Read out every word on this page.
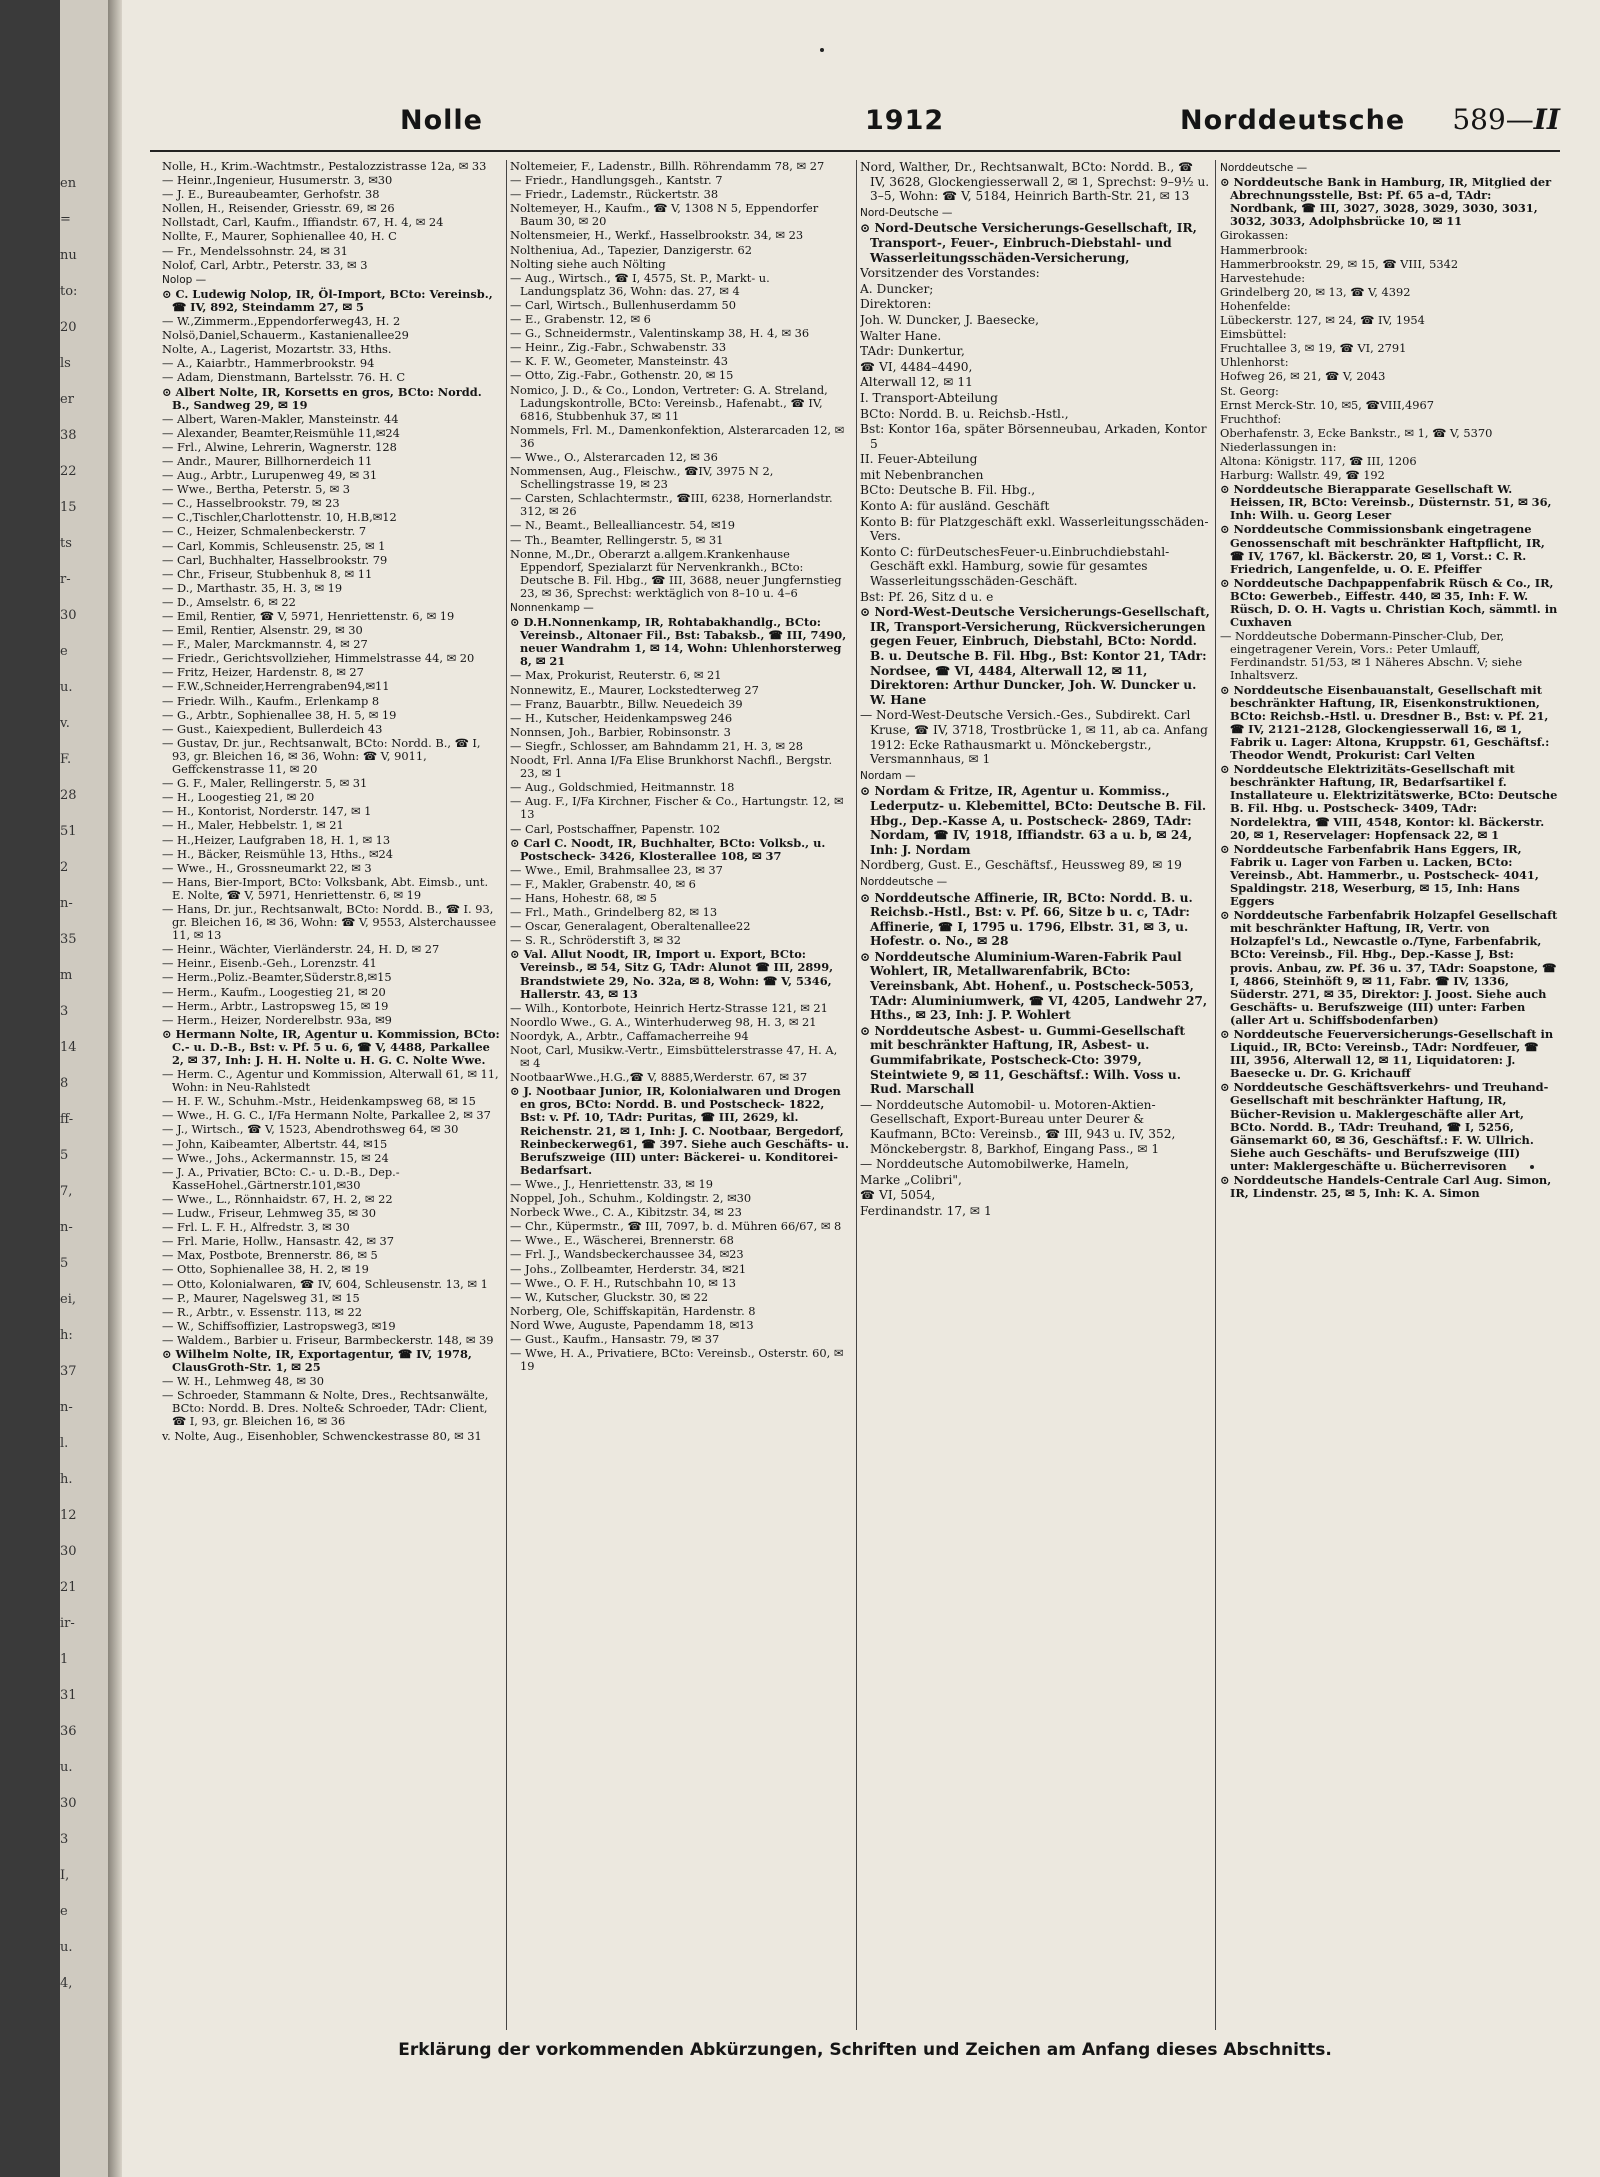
en
=
nu
to:
20
ls
er
38
22
15
ts
r-
30
e
u.
v.
F.
28
51
2
n-
35
m
3
14
8
ff-
5
7,
n-
5
ei,
h:
37
n-
l.
h.
12
30
21
ir-
1
31
36
u.
30
3
I,
e
u.
4,
Nolle	1912	Norddeutsche 589—II
Nolle, H., Krim.-Wachtmstr., Pestalozzistrasse 12a, ✉ 33
— Heinr.,Ingenieur, Husumerstr. 3, ✉30
— J. E., Bureaubeamter, Gerhofstr. 38
Nollen, H., Reisender, Griesstr. 69, ✉ 26
Nollstadt, Carl, Kaufm., Iffiandstr. 67, H. 4, ✉ 24
Nollte, F., Maurer, Sophienallee 40, H. C
— Fr., Mendelssohnstr. 24, ✉ 31
Nolof, Carl, Arbtr., Peterstr. 33, ✉ 3
Nolop —
⊙ C. Ludewig Nolop, IR, Öl-Import, BCto: Vereinsb., ☎ IV, 892, Steindamm 27, ✉ 5
— W.,Zimmerm.,Eppendorferweg43, H. 2
Nolsö,Daniel,Schauerm., Kastanienallee29
Nolte, A., Lagerist, Mozartstr. 33, Hths.
— A., Kaiarbtr., Hammerbrookstr. 94
— Adam, Dienstmann, Bartelsstr. 76. H. C
⊙ Albert Nolte, IR, Korsetts en gros, BCto: Nordd. B., Sandweg 29, ✉ 19
— Albert, Waren-Makler, Mansteinstr. 44
— Alexander, Beamter,Reismühle 11,✉24
— Frl., Alwine, Lehrerin, Wagnerstr. 128
— Andr., Maurer, Billhornerdeich 11
— Aug., Arbtr., Lurupenweg 49, ✉ 31
— Wwe., Bertha, Peterstr. 5, ✉ 3
— C., Hasselbrookstr. 79, ✉ 23
— C.,Tischler,Charlottenstr. 10, H.B,✉12
— C., Heizer, Schmalenbeckerstr. 7
— Carl, Kommis, Schleusenstr. 25, ✉ 1
— Carl, Buchhalter, Hasselbrookstr. 79
— Chr., Friseur, Stubbenhuk 8, ✉ 11
— D., Marthastr. 35, H. 3, ✉ 19
— D., Amselstr. 6, ✉ 22
— Emil, Rentier, ☎ V, 5971, Henriettenstr. 6, ✉ 19
— Emil, Rentier, Alsenstr. 29, ✉ 30
— F., Maler, Marckmannstr. 4, ✉ 27
— Friedr., Gerichtsvollzieher, Himmelstrasse 44, ✉ 20
— Fritz, Heizer, Hardenstr. 8, ✉ 27
— F.W.,Schneider,Herrengraben94,✉11
— Friedr. Wilh., Kaufm., Erlenkamp 8
— G., Arbtr., Sophienallee 38, H. 5, ✉ 19
— Gust., Kaiexpedient, Bullerdeich 43
— Gustav, Dr. jur., Rechtsanwalt, BCto: Nordd. B., ☎ I, 93, gr. Bleichen 16, ✉ 36, Wohn: ☎ V, 9011, Geffckenstrasse 11, ✉ 20
— G. F., Maler, Rellingerstr. 5, ✉ 31
— H., Loogestieg 21, ✉ 20
— H., Kontorist, Norderstr. 147, ✉ 1
— H., Maler, Hebbelstr. 1, ✉ 21
— H.,Heizer, Laufgraben 18, H. 1, ✉ 13
— H., Bäcker, Reismühle 13, Hths., ✉24
— Wwe., H., Grossneumarkt 22, ✉ 3
— Hans, Bier-Import, BCto: Volksbank, Abt. Eimsb., unt. E. Nolte, ☎ V, 5971, Henriettenstr. 6, ✉ 19
— Hans, Dr. jur., Rechtsanwalt, BCto: Nordd. B., ☎ I. 93, gr. Bleichen 16, ✉ 36, Wohn: ☎ V, 9553, Alsterchaussee 11, ✉ 13
— Heinr., Wächter, Vierländerstr. 24, H. D, ✉ 27
— Heinr., Eisenb.-Geh., Lorenzstr. 41
— Herm.,Poliz.-Beamter,Süderstr.8,✉15
— Herm., Kaufm., Loogestieg 21, ✉ 20
— Herm., Arbtr., Lastropsweg 15, ✉ 19
— Herm., Heizer, Norderelbstr. 93a, ✉9
⊙ Hermann Nolte, IR, Agentur u. Kommission, BCto: C.- u. D.-B., Bst: v. Pf. 5 u. 6, ☎ V, 4488, Parkallee 2, ✉ 37, Inh: J. H. H. Nolte u. H. G. C. Nolte Wwe.
— Herm. C., Agentur und Kommission, Alterwall 61, ✉ 11, Wohn: in Neu-Rahlstedt
— H. F. W., Schuhm.-Mstr., Heidenkampsweg 68, ✉ 15
— Wwe., H. G. C., I/Fa Hermann Nolte, Parkallee 2, ✉ 37
— J., Wirtsch., ☎ V, 1523, Abendrothsweg 64, ✉ 30
— John, Kaibeamter, Albertstr. 44, ✉15
— Wwe., Johs., Ackermannstr. 15, ✉ 24
— J. A., Privatier, BCto: C.- u. D.-B., Dep.-KasseHohel.,Gärtnerstr.101,✉30
— Wwe., L., Rönnhaidstr. 67, H. 2, ✉ 22
— Ludw., Friseur, Lehmweg 35, ✉ 30
— Frl. L. F. H., Alfredstr. 3, ✉ 30
— Frl. Marie, Hollw., Hansastr. 42, ✉ 37
— Max, Postbote, Brennerstr. 86, ✉ 5
— Otto, Sophienallee 38, H. 2, ✉ 19
— Otto, Kolonialwaren, ☎ IV, 604, Schleusenstr. 13, ✉ 1
— P., Maurer, Nagelsweg 31, ✉ 15
— R., Arbtr., v. Essenstr. 113, ✉ 22
— W., Schiffsoffizier, Lastropsweg3, ✉19
— Waldem., Barbier u. Friseur, Barmbeckerstr. 148, ✉ 39
⊙ Wilhelm Nolte, IR, Exportagentur, ☎ IV, 1978, ClausGroth-Str. 1, ✉ 25
— W. H., Lehmweg 48, ✉ 30
— Schroeder, Stammann & Nolte, Dres., Rechtsanwälte, BCto: Nordd. B. Dres. Nolte& Schroeder, TAdr: Client, ☎ I, 93, gr. Bleichen 16, ✉ 36
v. Nolte, Aug., Eisenhobler, Schwenckestrasse 80, ✉ 31
Noltemeier, F., Ladenstr., Billh. Röhrendamm 78, ✉ 27
— Friedr., Handlungsgeh., Kantstr. 7
— Friedr., Lademstr., Rückertstr. 38
Noltemeyer, H., Kaufm., ☎ V, 1308 N 5, Eppendorfer Baum 30, ✉ 20
Noltensmeier, H., Werkf., Hasselbrookstr. 34, ✉ 23
Noltheniua, Ad., Tapezier, Danzigerstr. 62
Nolting siehe auch Nölting
— Aug., Wirtsch., ☎ I, 4575, St. P., Markt- u. Landungsplatz 36, Wohn: das. 27, ✉ 4
— Carl, Wirtsch., Bullenhuserdamm 50
— E., Grabenstr. 12, ✉ 6
— G., Schneidermstr., Valentinskamp 38, H. 4, ✉ 36
— Heinr., Zig.-Fabr., Schwabenstr. 33
— K. F. W., Geometer, Mansteinstr. 43
— Otto, Zig.-Fabr., Gothenstr. 20, ✉ 15
Nomico, J. D., & Co., London, Vertreter: G. A. Streland, Ladungskontrolle, BCto: Vereinsb., Hafenabt., ☎ IV, 6816, Stubbenhuk 37, ✉ 11
Nommels, Frl. M., Damenkonfektion, Alsterarcaden 12, ✉ 36
— Wwe., O., Alsterarcaden 12, ✉ 36
Nommensen, Aug., Fleischw., ☎IV, 3975 N 2, Schellingstrasse 19, ✉ 23
— Carsten, Schlachtermstr., ☎III, 6238, Hornerlandstr. 312, ✉ 26
— N., Beamt., Bellealliancestr. 54, ✉19
— Th., Beamter, Rellingerstr. 5, ✉ 31
Nonne, M.,Dr., Oberarzt a.allgem.Krankenhause Eppendorf, Spezialarzt für Nervenkrankh., BCto: Deutsche B. Fil. Hbg., ☎ III, 3688, neuer Jungfernstieg 23, ✉ 36, Sprechst: werktäglich von 8–10 u. 4–6
Nonnenkamp —
⊙ D.H.Nonnenkamp, IR, Rohtabakhandlg., BCto: Vereinsb., Altonaer Fil., Bst: Tabaksb., ☎ III, 7490, neuer Wandrahm 1, ✉ 14, Wohn: Uhlenhorsterweg 8, ✉ 21
— Max, Prokurist, Reuterstr. 6, ✉ 21
Nonnewitz, E., Maurer, Lockstedterweg 27
— Franz, Bauarbtr., Billw. Neuedeich 39
— H., Kutscher, Heidenkampsweg 246
Nonnsen, Joh., Barbier, Robinsonstr. 3
— Siegfr., Schlosser, am Bahndamm 21, H. 3, ✉ 28
Noodt, Frl. Anna I/Fa Elise Brunkhorst Nachfl., Bergstr. 23, ✉ 1
— Aug., Goldschmied, Heitmannstr. 18
— Aug. F., I/Fa Kirchner, Fischer & Co., Hartungstr. 12, ✉ 13
— Carl, Postschaffner, Papenstr. 102
⊙ Carl C. Noodt, IR, Buchhalter, BCto: Volksb., u. Postscheck- 3426, Klosterallee 108, ✉ 37
— Wwe., Emil, Brahmsallee 23, ✉ 37
— F., Makler, Grabenstr. 40, ✉ 6
— Hans, Hohestr. 68, ✉ 5
— Frl., Math., Grindelberg 82, ✉ 13
— Oscar, Generalagent, Oberaltenallee22
— S. R., Schröderstift 3, ✉ 32
⊙ Val. Allut Noodt, IR, Import u. Export, BCto: Vereinsb., ✉ 54, Sitz G, TAdr: Alunot ☎ III, 2899, Brandstwiete 29, No. 32a, ✉ 8, Wohn: ☎ V, 5346, Hallerstr. 43, ✉ 13
— Wilh., Kontorbote, Heinrich Hertz-Strasse 121, ✉ 21
Noordlo Wwe., G. A., Winterhuderweg 98, H. 3, ✉ 21
Noordyk, A., Arbtr., Caffamacherreihe 94
Noot, Carl, Musikw.-Vertr., Eimsbüttelerstrasse 47, H. A, ✉ 4
NootbaarWwe.,H.G.,☎ V, 8885,Werderstr. 67, ✉ 37
⊙ J. Nootbaar Junior, IR, Kolonialwaren und Drogen en gros, BCto: Nordd. B. und Postscheck- 1822, Bst: v. Pf. 10, TAdr: Puritas, ☎ III, 2629, kl. Reichenstr. 21, ✉ 1, Inh: J. C. Nootbaar, Bergedorf, Reinbeckerweg61, ☎ 397. Siehe auch Geschäfts- u. Berufszweige (III) unter: Bäckerei- u. Konditorei-Bedarfsart.
— Wwe., J., Henriettenstr. 33, ✉ 19
Noppel, Joh., Schuhm., Koldingstr. 2, ✉30
Norbeck Wwe., C. A., Kibitzstr. 34, ✉ 23
— Chr., Küpermstr., ☎ III, 7097, b. d. Mühren 66/67, ✉ 8
— Wwe., E., Wäscherei, Brennerstr. 68
— Frl. J., Wandsbeckerchaussee 34, ✉23
— Johs., Zollbeamter, Herderstr. 34, ✉21
— Wwe., O. F. H., Rutschbahn 10, ✉ 13
— W., Kutscher, Gluckstr. 30, ✉ 22
Norberg, Ole, Schiffskapitän, Hardenstr. 8
Nord Wwe, Auguste, Papendamm 18, ✉13
— Gust., Kaufm., Hansastr. 79, ✉ 37
— Wwe, H. A., Privatiere, BCto: Vereinsb., Osterstr. 60, ✉ 19
Nord, Walther, Dr., Rechtsanwalt, BCto: Nordd. B., ☎ IV, 3628, Glockengiesserwall 2, ✉ 1, Sprechst: 9–9½ u. 3–5, Wohn: ☎ V, 5184, Heinrich Barth-Str. 21, ✉ 13
Nord-Deutsche —
⊙ Nord-Deutsche Versicherungs-Gesellschaft, IR, Transport-, Feuer-, Einbruch-Diebstahl- und Wasserleitungsschäden-Versicherung,
Vorsitzender des Vorstandes:
A. Duncker;
Direktoren:
Joh. W. Duncker, J. Baesecke,
Walter Hane.
TAdr: Dunkertur,
☎ VI, 4484–4490,
Alterwall 12, ✉ 11
I. Transport-Abteilung
BCto: Nordd. B. u. Reichsb.-Hstl.,
Bst: Kontor 16a, später Börsenneubau, Arkaden, Kontor 5
II. Feuer-Abteilung
mit Nebenbranchen
BCto: Deutsche B. Fil. Hbg.,
Konto A: für ausländ. Geschäft
Konto B: für Platzgeschäft exkl. Wasserleitungsschäden-Vers.
Konto C: fürDeutschesFeuer-u.Einbruchdiebstahl-Geschäft exkl. Hamburg, sowie für gesamtes Wasserleitungsschäden-Geschäft.
Bst: Pf. 26, Sitz d u. e
⊙ Nord-West-Deutsche Versicherungs-Gesellschaft, IR, Transport-Versicherung, Rückversicherungen gegen Feuer, Einbruch, Diebstahl, BCto: Nordd. B. u. Deutsche B. Fil. Hbg., Bst: Kontor 21, TAdr: Nordsee, ☎ VI, 4484, Alterwall 12, ✉ 11, Direktoren: Arthur Duncker, Joh. W. Duncker u. W. Hane
— Nord-West-Deutsche Versich.-Ges., Subdirekt. Carl Kruse, ☎ IV, 3718, Trostbrücke 1, ✉ 11, ab ca. Anfang 1912: Ecke Rathausmarkt u. Mönckebergstr., Versmannhaus, ✉ 1
Nordam —
⊙ Nordam & Fritze, IR, Agentur u. Kommiss., Lederputz- u. Klebemittel, BCto: Deutsche B. Fil. Hbg., Dep.-Kasse A, u. Postscheck- 2869, TAdr: Nordam, ☎ IV, 1918, Iffiandstr. 63 a u. b, ✉ 24, Inh: J. Nordam
Nordberg, Gust. E., Geschäftsf., Heussweg 89, ✉ 19
Norddeutsche —
⊙ Norddeutsche Affinerie, IR, BCto: Nordd. B. u. Reichsb.-Hstl., Bst: v. Pf. 66, Sitze b u. c, TAdr: Affinerie, ☎ I, 1795 u. 1796, Elbstr. 31, ✉ 3, u. Hofestr. o. No., ✉ 28
⊙ Norddeutsche Aluminium-Waren-Fabrik Paul Wohlert, IR, Metallwarenfabrik, BCto: Vereinsbank, Abt. Hohenf., u. Postscheck-5053, TAdr: Aluminiumwerk, ☎ VI, 4205, Landwehr 27, Hths., ✉ 23, Inh: J. P. Wohlert
⊙ Norddeutsche Asbest- u. Gummi-Gesellschaft mit beschränkter Haftung, IR, Asbest- u. Gummifabrikate, Postscheck-Cto: 3979, Steintwiete 9, ✉ 11, Geschäftsf.: Wilh. Voss u. Rud. Marschall
— Norddeutsche Automobil- u. Motoren-Aktien-Gesellschaft, Export-Bureau unter Deurer & Kaufmann, BCto: Vereinsb., ☎ III, 943 u. IV, 352, Mönckebergstr. 8, Barkhof, Eingang Pass., ✉ 1
— Norddeutsche Automobilwerke, Hameln,
Marke „Colibri",
☎ VI, 5054,
Ferdinandstr. 17, ✉ 1
Norddeutsche —
⊙ Norddeutsche Bank in Hamburg, IR, Mitglied der Abrechnungsstelle, Bst: Pf. 65 a–d, TAdr: Nordbank, ☎ III, 3027, 3028, 3029, 3030, 3031, 3032, 3033, Adolphsbrücke 10, ✉ 11
Girokassen:
Hammerbrook:
Hammerbrookstr. 29, ✉ 15, ☎ VIII, 5342
Harvestehude:
Grindelberg 20, ✉ 13, ☎ V, 4392
Hohenfelde:
Lübeckerstr. 127, ✉ 24, ☎ IV, 1954
Eimsbüttel:
Fruchtallee 3, ✉ 19, ☎ VI, 2791
Uhlenhorst:
Hofweg 26, ✉ 21, ☎ V, 2043
St. Georg:
Ernst Merck-Str. 10, ✉5, ☎VIII,4967
Fruchthof:
Oberhafenstr. 3, Ecke Bankstr., ✉ 1, ☎ V, 5370
Niederlassungen in:
Altona: Königstr. 117, ☎ III, 1206
Harburg: Wallstr. 49, ☎ 192
⊙ Norddeutsche Bierapparate Gesellschaft W. Heissen, IR, BCto: Vereinsb., Düsternstr. 51, ✉ 36, Inh: Wilh. u. Georg Leser
⊙ Norddeutsche Commissionsbank eingetragene Genossenschaft mit beschränkter Haftpflicht, IR, ☎ IV, 1767, kl. Bäckerstr. 20, ✉ 1, Vorst.: C. R. Friedrich, Langenfelde, u. O. E. Pfeiffer
⊙ Norddeutsche Dachpappenfabrik Rüsch & Co., IR, BCto: Gewerbeb., Eiffestr. 440, ✉ 35, Inh: F. W. Rüsch, D. O. H. Vagts u. Christian Koch, sämmtl. in Cuxhaven
— Norddeutsche Dobermann-Pinscher-Club, Der, eingetragener Verein, Vors.: Peter Umlauff, Ferdinandstr. 51/53, ✉ 1 Näheres Abschn. V; siehe Inhaltsverz.
⊙ Norddeutsche Eisenbauanstalt, Gesellschaft mit beschränkter Haftung, IR, Eisenkonstruktionen, BCto: Reichsb.-Hstl. u. Dresdner B., Bst: v. Pf. 21, ☎ IV, 2121–2128, Glockengiesserwall 16, ✉ 1, Fabrik u. Lager: Altona, Kruppstr. 61, Geschäftsf.: Theodor Wendt, Prokurist: Carl Velten
⊙ Norddeutsche Elektrizitäts-Gesellschaft mit beschränkter Haftung, IR, Bedarfsartikel f. Installateure u. Elektrizitätswerke, BCto: Deutsche B. Fil. Hbg. u. Postscheck- 3409, TAdr: Nordelektra, ☎ VIII, 4548, Kontor: kl. Bäckerstr. 20, ✉ 1, Reservelager: Hopfensack 22, ✉ 1
⊙ Norddeutsche Farbenfabrik Hans Eggers, IR, Fabrik u. Lager von Farben u. Lacken, BCto: Vereinsb., Abt. Hammerbr., u. Postscheck- 4041, Spaldingstr. 218, Weserburg, ✉ 15, Inh: Hans Eggers
⊙ Norddeutsche Farbenfabrik Holzapfel Gesellschaft mit beschränkter Haftung, IR, Vertr. von Holzapfel's Ld., Newcastle o./Tyne, Farbenfabrik, BCto: Vereinsb., Fil. Hbg., Dep.-Kasse J, Bst: provis. Anbau, zw. Pf. 36 u. 37, TAdr: Soapstone, ☎ I, 4866, Steinhöft 9, ✉ 11, Fabr. ☎ IV, 1336, Süderstr. 271, ✉ 35, Direktor: J. Joost. Siehe auch Geschäfts- u. Berufszweige (III) unter: Farben (aller Art u. Schiffsbodenfarben)
⊙ Norddeutsche Feuerversicherungs-Gesellschaft in Liquid., IR, BCto: Vereinsb., TAdr: Nordfeuer, ☎ III, 3956, Alterwall 12, ✉ 11, Liquidatoren: J. Baesecke u. Dr. G. Krichauff
⊙ Norddeutsche Geschäftsverkehrs- und Treuhand-Gesellschaft mit beschränkter Haftung, IR, Bücher-Revision u. Maklergeschäfte aller Art, BCto. Nordd. B., TAdr: Treuhand, ☎ I, 5256, Gänsemarkt 60, ✉ 36, Geschäftsf.: F. W. Ullrich. Siehe auch Geschäfts- und Berufszweige (III) unter: Maklergeschäfte u. Bücherrevisoren
⊙ Norddeutsche Handels-Centrale Carl Aug. Simon, IR, Lindenstr. 25, ✉ 5, Inh: K. A. Simon
Erklärung der vorkommenden Abkürzungen, Schriften und Zeichen am Anfang dieses Abschnitts.
